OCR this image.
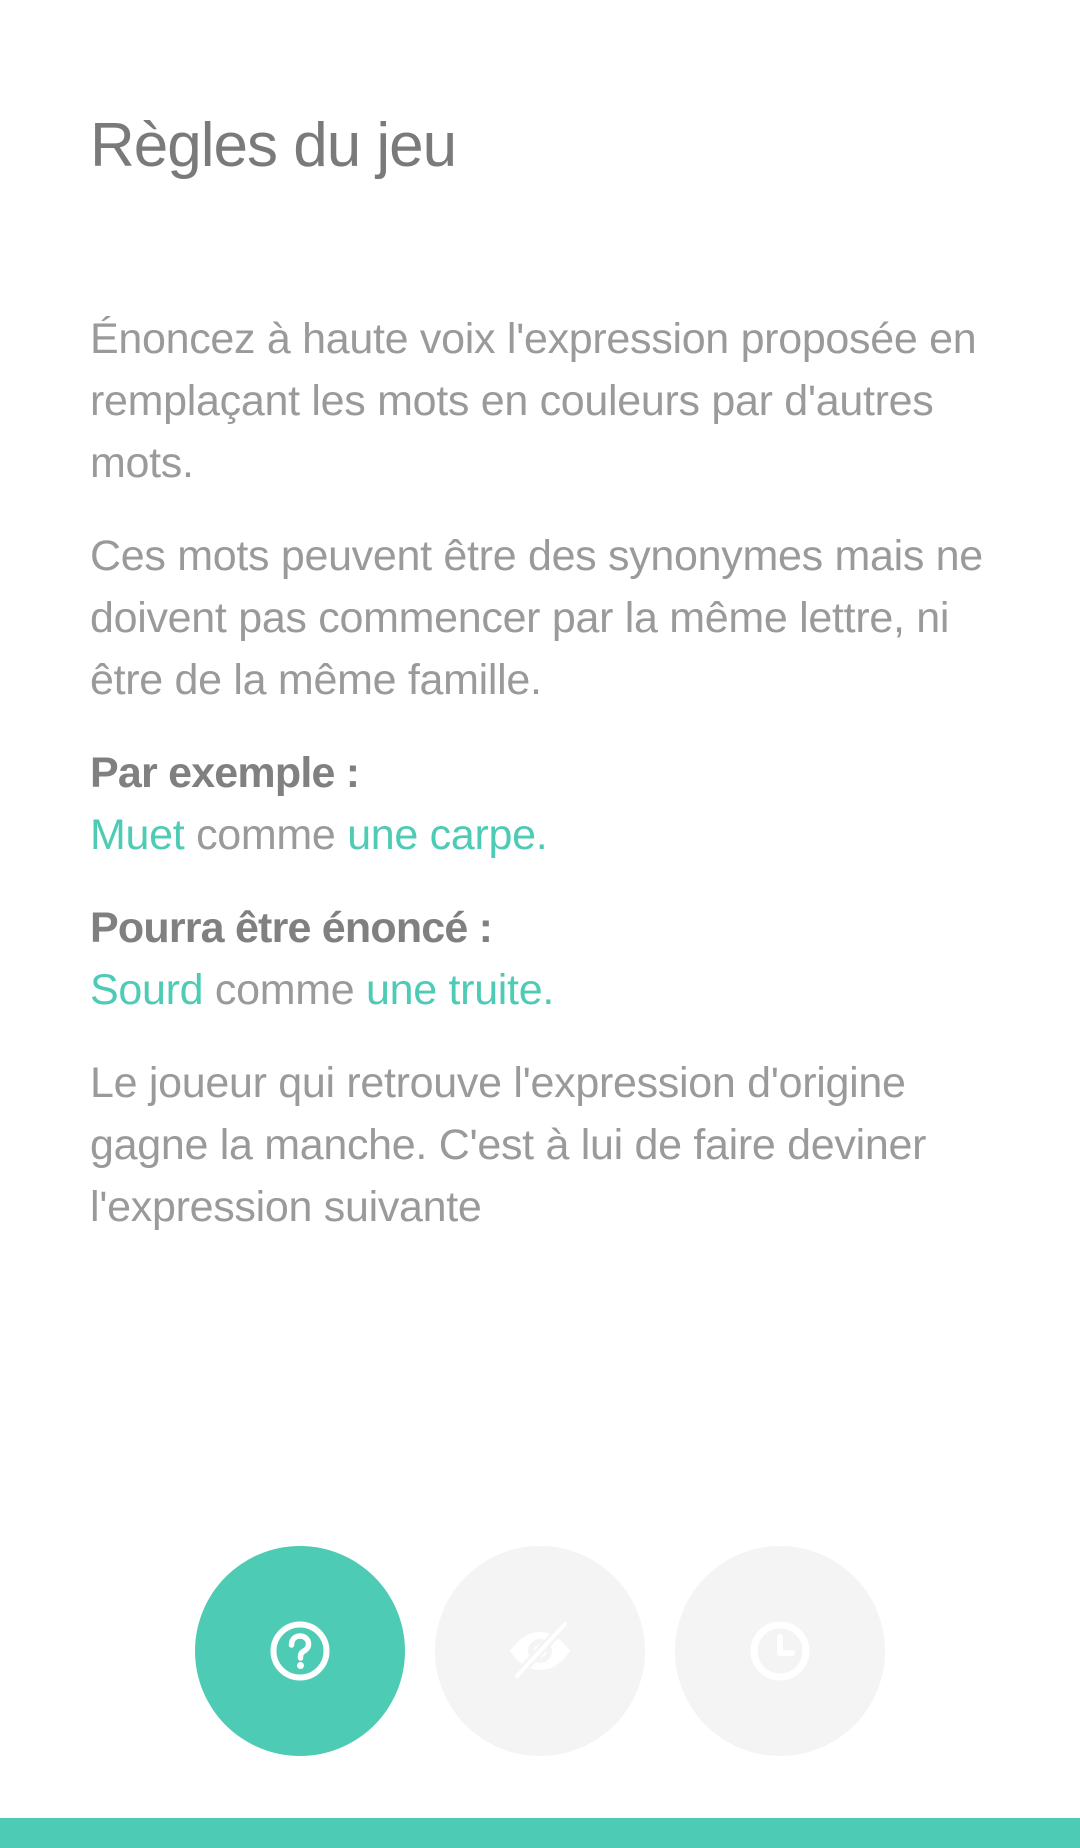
Règles du jeu

Énoncez à haute voix l'expression proposée en remplaçant les mots en couleurs par d'autres mots.

Ces mots peuvent être des synonymes mais ne doivent pas commencer par la même lettre, ni être de la même famille.

Par exemple :
Muet comme une carpe.
Pourra être énoncé :
Sourd comme une truite.

Le joueur qui retrouve l'expression d'origine gagne la manche. C'est à lui de faire deviner l'expression suivante
